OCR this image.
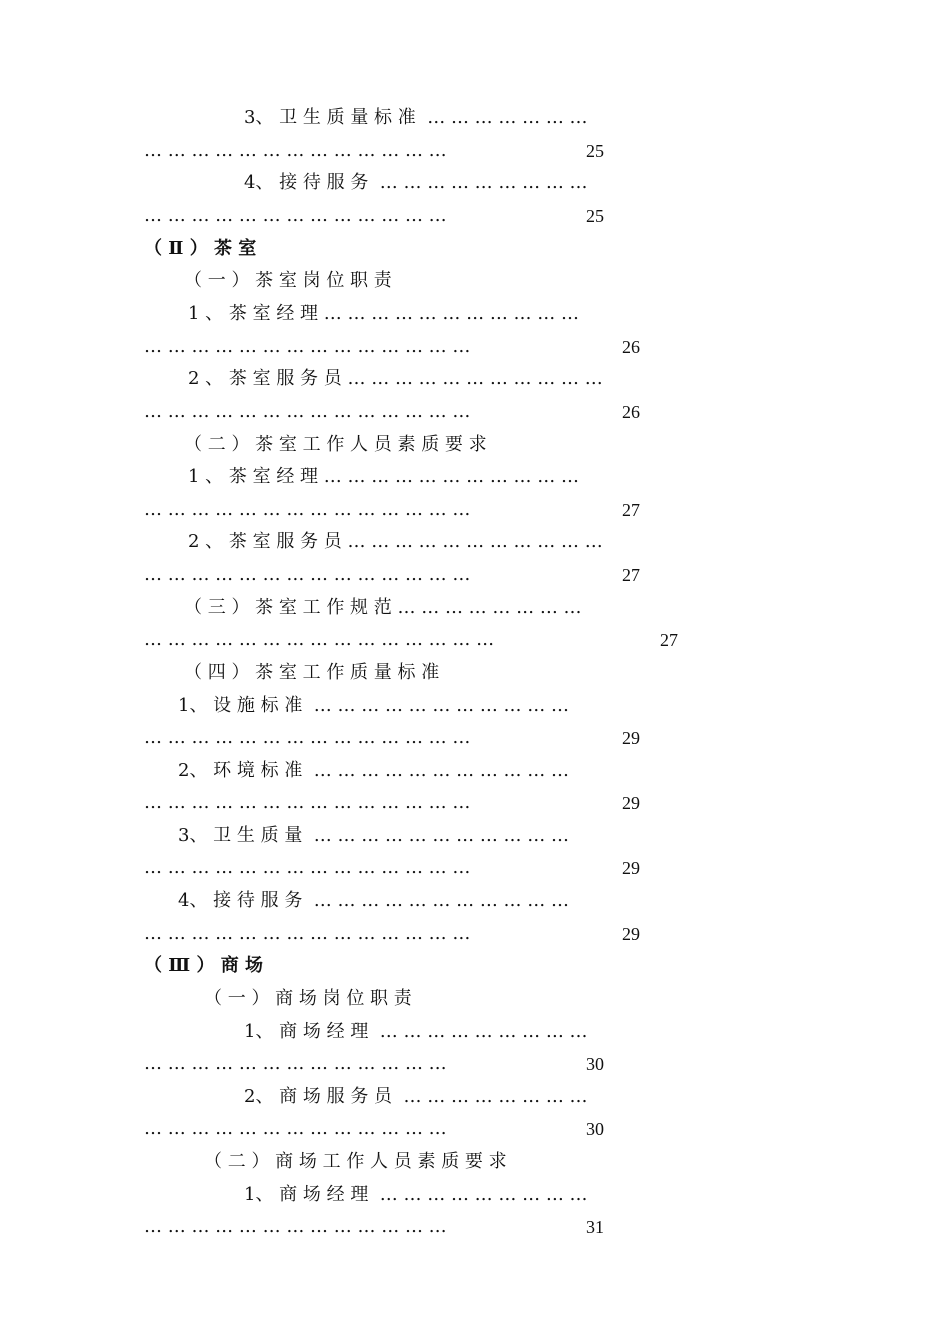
3、 卫 生 质 量 标 准  … … … … … … …

… … … … … … … … … … … … …	25

4、 接 待 服 务  … … … … … … … … …

… … … … … … … … … … … … …	25

（ Ⅱ ） 茶 室

（ 一 ） 茶 室 岗 位 职 责

1 、 茶 室 经 理 … … … … … … … … … … …

… … … … … … … … … … … … … …	26

2 、 茶 室 服 务 员 … … … … … … … … … … …

… … … … … … … … … … … … … …	26

（ 二 ） 茶 室 工 作 人 员 素 质 要 求

1 、 茶 室 经 理 … … … … … … … … … … …

… … … … … … … … … … … … … …	27

2 、 茶 室 服 务 员 … … … … … … … … … … …

… … … … … … … … … … … … … …	27

（ 三 ） 茶 室 工 作 规 范 … … … … … … … …

… … … … … … … … … … … … … … …	27

（ 四 ） 茶 室 工 作 质 量 标 准

1、 设 施 标 准  … … … … … … … … … … …

… … … … … … … … … … … … … …	29

2、 环 境 标 准  … … … … … … … … … … …

… … … … … … … … … … … … … …	29

3、 卫 生 质 量  … … … … … … … … … … …

… … … … … … … … … … … … … …	29

4、 接 待 服 务  … … … … … … … … … … …

… … … … … … … … … … … … … …	29

（ Ⅲ ） 商 场

（ 一 ） 商 场 岗 位 职 责

1、 商 场 经 理  … … … … … … … … …

… … … … … … … … … … … … …	30

2、 商 场 服 务 员  … … … … … … … …

… … … … … … … … … … … … …	30

（ 二 ） 商 场 工 作 人 员 素 质 要 求

1、 商 场 经 理  … … … … … … … … …

… … … … … … … … … … … … …	31
